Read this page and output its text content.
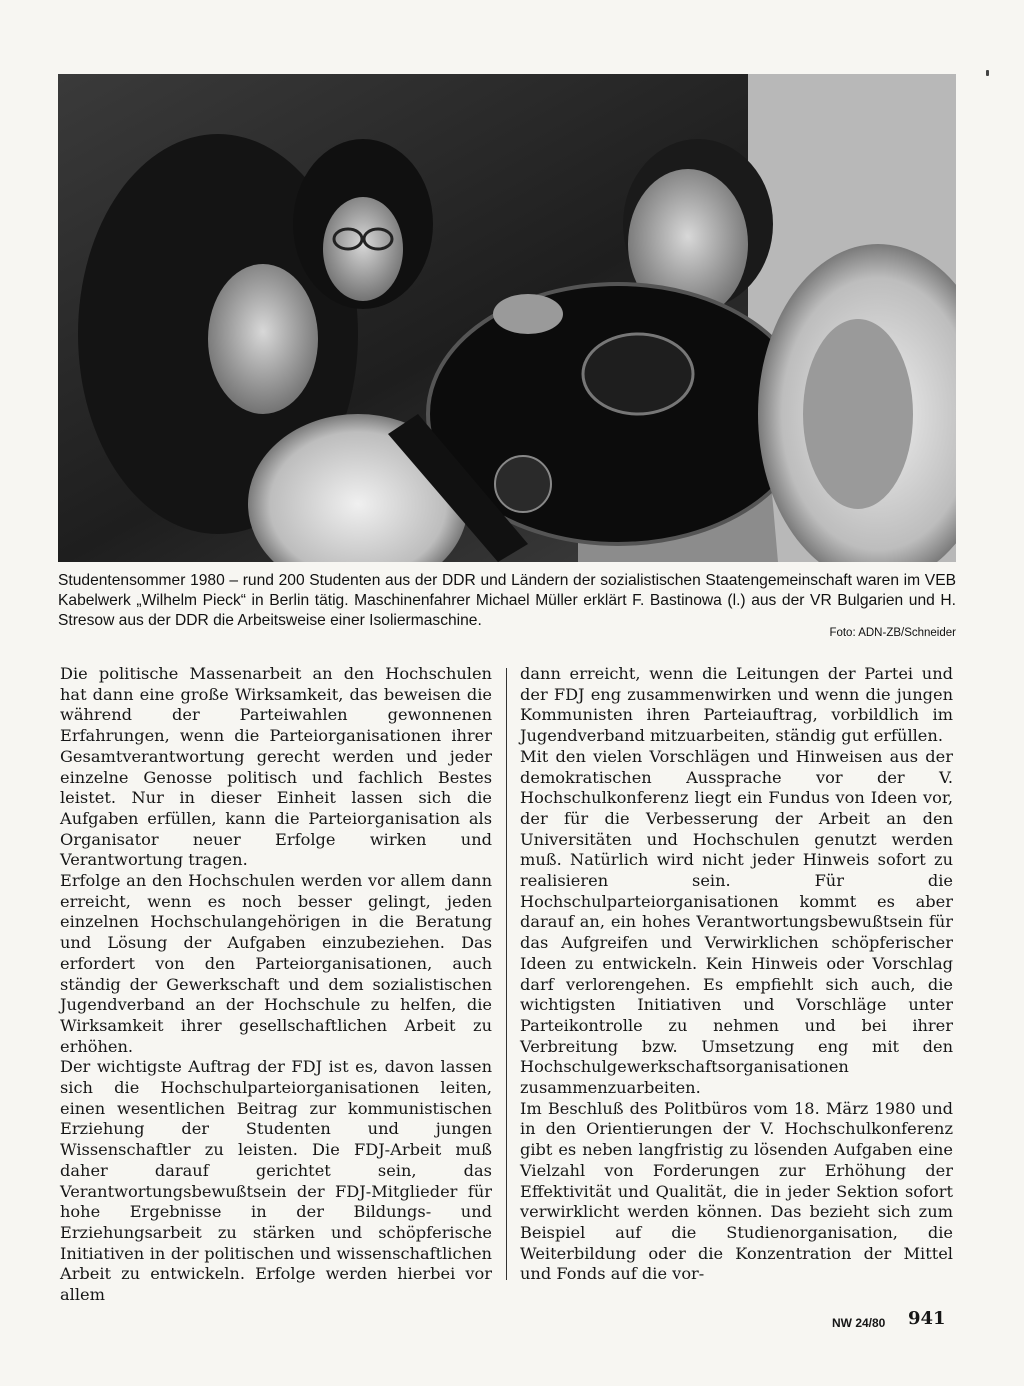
Studentensommer 1980 – rund 200 Studenten aus der DDR und Ländern der sozialistischen Staatengemeinschaft waren im VEB Kabelwerk „Wilhelm Pieck“ in Berlin tätig. Maschinenfahrer Michael Müller erklärt F. Bastinowa (l.) aus der VR Bulgarien und H. Stresow aus der DDR die Arbeitsweise einer Isoliermaschine.
Foto: ADN-ZB/Schneider

Die politische Massenarbeit an den Hochschulen hat dann eine große Wirksamkeit, das beweisen die während der Parteiwahlen gewonnenen Erfahrungen, wenn die Parteiorganisationen ihrer Gesamtverantwortung gerecht werden und jeder einzelne Genosse politisch und fachlich Bestes leistet. Nur in dieser Einheit lassen sich die Aufgaben erfüllen, kann die Parteiorganisation als Organisator neuer Erfolge wirken und Verantwortung tragen.

Erfolge an den Hochschulen werden vor allem dann erreicht, wenn es noch besser gelingt, jeden einzelnen Hochschulangehörigen in die Beratung und Lösung der Aufgaben einzubeziehen. Das erfordert von den Parteiorganisationen, auch ständig der Gewerkschaft und dem sozialistischen Jugendverband an der Hochschule zu helfen, die Wirksamkeit ihrer gesellschaftlichen Arbeit zu erhöhen.

Der wichtigste Auftrag der FDJ ist es, davon lassen sich die Hochschulparteiorganisationen leiten, einen wesentlichen Beitrag zur kommunistischen Erziehung der Studenten und jungen Wissenschaftler zu leisten. Die FDJ-Arbeit muß daher darauf gerichtet sein, das Verantwortungsbewußtsein der FDJ-Mitglieder für hohe Ergebnisse in der Bildungs- und Erziehungsarbeit zu stärken und schöpferische Initiativen in der politischen und wissenschaftlichen Arbeit zu entwickeln. Erfolge werden hierbei vor allem

dann erreicht, wenn die Leitungen der Partei und der FDJ eng zusammenwirken und wenn die jungen Kommunisten ihren Parteiauftrag, vorbildlich im Jugendverband mitzuarbeiten, ständig gut erfüllen.

Mit den vielen Vorschlägen und Hinweisen aus der demokratischen Aussprache vor der V. Hochschulkonferenz liegt ein Fundus von Ideen vor, der für die Verbesserung der Arbeit an den Universitäten und Hochschulen genutzt werden muß. Natürlich wird nicht jeder Hinweis sofort zu realisieren sein. Für die Hochschulparteiorganisationen kommt es aber darauf an, ein hohes Verantwortungsbewußtsein für das Aufgreifen und Verwirklichen schöpferischer Ideen zu entwickeln. Kein Hinweis oder Vorschlag darf verlorengehen. Es empfiehlt sich auch, die wichtigsten Initiativen und Vorschläge unter Parteikontrolle zu nehmen und bei ihrer Verbreitung bzw. Umsetzung eng mit den Hochschulgewerkschaftsorganisationen zusammenzuarbeiten.

Im Beschluß des Politbüros vom 18. März 1980 und in den Orientierungen der V. Hochschulkonferenz gibt es neben langfristig zu lösenden Aufgaben eine Vielzahl von Forderungen zur Erhöhung der Effektivität und Qualität, die in jeder Sektion sofort verwirklicht werden können. Das bezieht sich zum Beispiel auf die Studienorganisation, die Weiterbildung oder die Konzentration der Mittel und Fonds auf die vor-

NW 24/80 941
